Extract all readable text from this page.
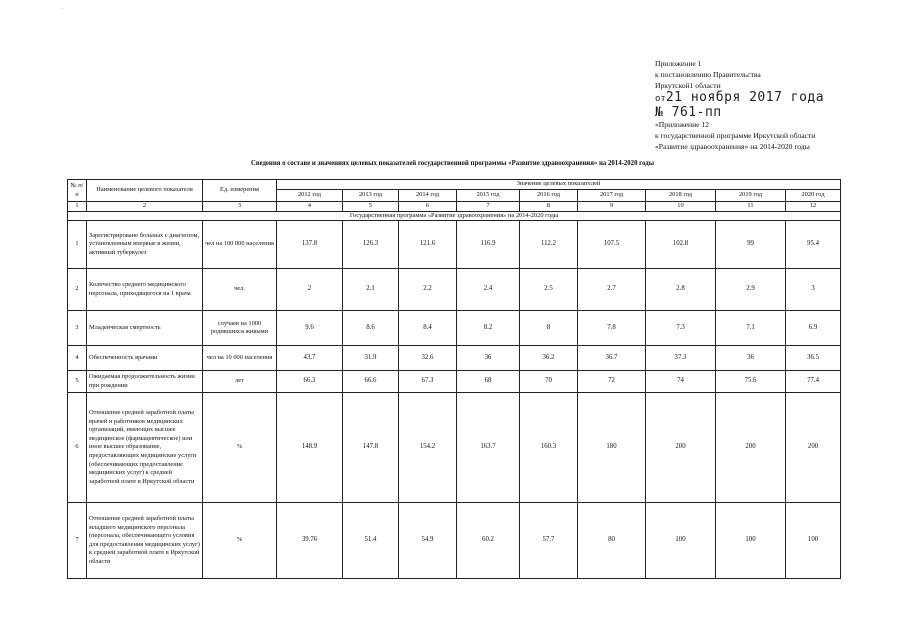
Приложение 1
к постановлению Правительства
Иркутской1 области
от21 ноября 2017 года
№ 761-пп
«Приложение 12
к государственной программе Иркутской области
«Развитие здравоохранения» на 2014-2020 годы
Сведения о составе и значениях целевых показателей государственной программы «Развитие здравоохранения» на 2014-2020 годы
№ п/п	Наименование целевого показателя	Ед. измерения	Значение целевых показателей								
			2012 год	2013 год	2014 год	2015 год	2016 год	2017 год	2018 год	2019 год	2020 год
1	2	3	4	5	6	7	8	9	10	11	12
Государственная программа «Развитие здравоохранения» на 2014-2020 годы											
1	Зарегистрировано больных с диагнозом, установленным впервые в жизни, активный туберкулез	чел на 100 000 населения	137.8	126.3	121.6	116.9	112.2	107.5	102.8	99	95.4
2	Количество среднего медицинского персонала, приходящегося на 1 врача	чел.	2	2.1	2.2	2.4	2.5	2.7	2.8	2.9	3
3	Младенческая смертность	случаев на 1000 родившихся живыми	9.6	8.6	8.4	8.2	8	7.8	7.3	7.1	6.9
4	Обеспеченность врачами	чел на 10 000 населения	43.7	31.9	32.6	36	36.2	36.7	37.3	36	36.5
5	Ожидаемая продолжительность жизни при рождении	лет	66.3	66.6	67.3	68	70	72	74	75.6	77.4
6	Отношение средней заработной платы врачей и работников медицинских организаций, имеющих высшее медицинское (фармацевтическое) или иное высшее образование, предоставляющих медицинские услуги (обеспечивающих предоставление медицинских услуг) к средней заработной плате в Иркутской области	%	148.9	147.8	154.2	163.7	160.3	180	200	200	200
7	Отношение средней заработной платы младшего медицинского персонала (персонала, обеспечивающего условия для предоставления медицинских услуг) к средней заработной плате в Иркутской области	%	39.76	51.4	54.9	60.2	57.7	80	100	100	100
